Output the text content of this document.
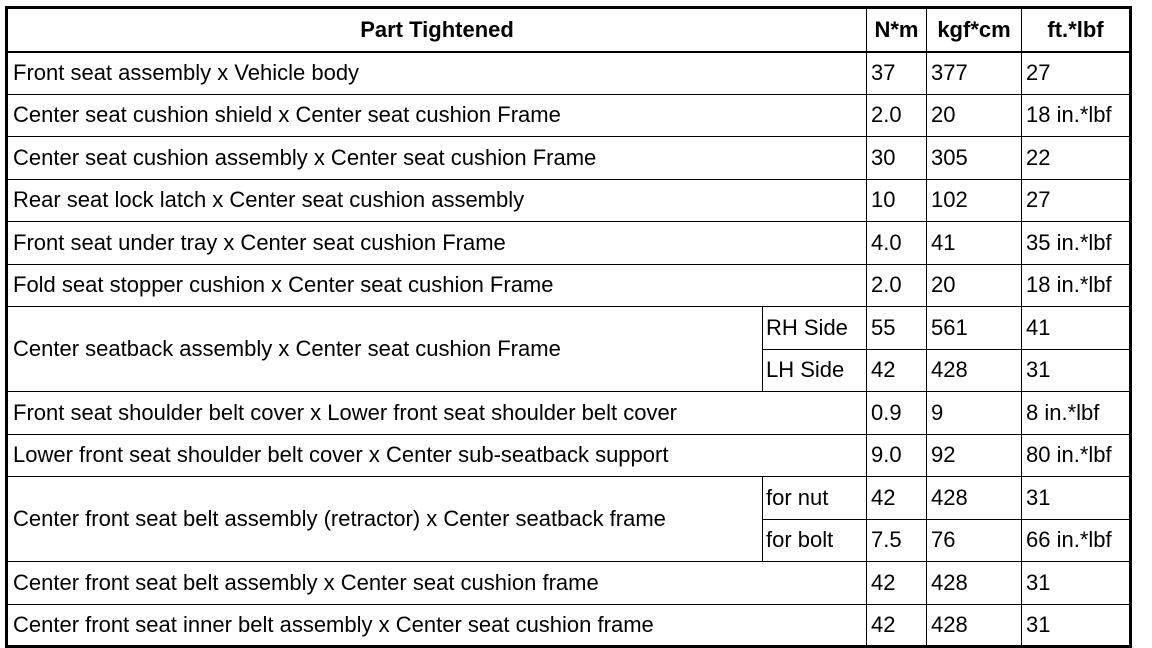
Part Tightened		N*m	kgf*cm	ft.*lbf
Front seat assembly x Vehicle body		37	377	27
Center seat cushion shield x Center seat cushion Frame		2.0	20	18 in.*lbf
Center seat cushion assembly x Center seat cushion Frame		30	305	22
Rear seat lock latch x Center seat cushion assembly		10	102	27
Front seat under tray x Center seat cushion Frame		4.0	41	35 in.*lbf
Fold seat stopper cushion x Center seat cushion Frame		2.0	20	18 in.*lbf
Center seatback assembly x Center seat cushion Frame	RH Side	55	561	41
	LH Side	42	428	31
Front seat shoulder belt cover x Lower front seat shoulder belt cover		0.9	9	8 in.*lbf
Lower front seat shoulder belt cover x Center sub-seatback support		9.0	92	80 in.*lbf
Center front seat belt assembly (retractor) x Center seatback frame	for nut	42	428	31
	for bolt	7.5	76	66 in.*lbf
Center front seat belt assembly x Center seat cushion frame		42	428	31
Center front seat inner belt assembly x Center seat cushion frame		42	428	31
